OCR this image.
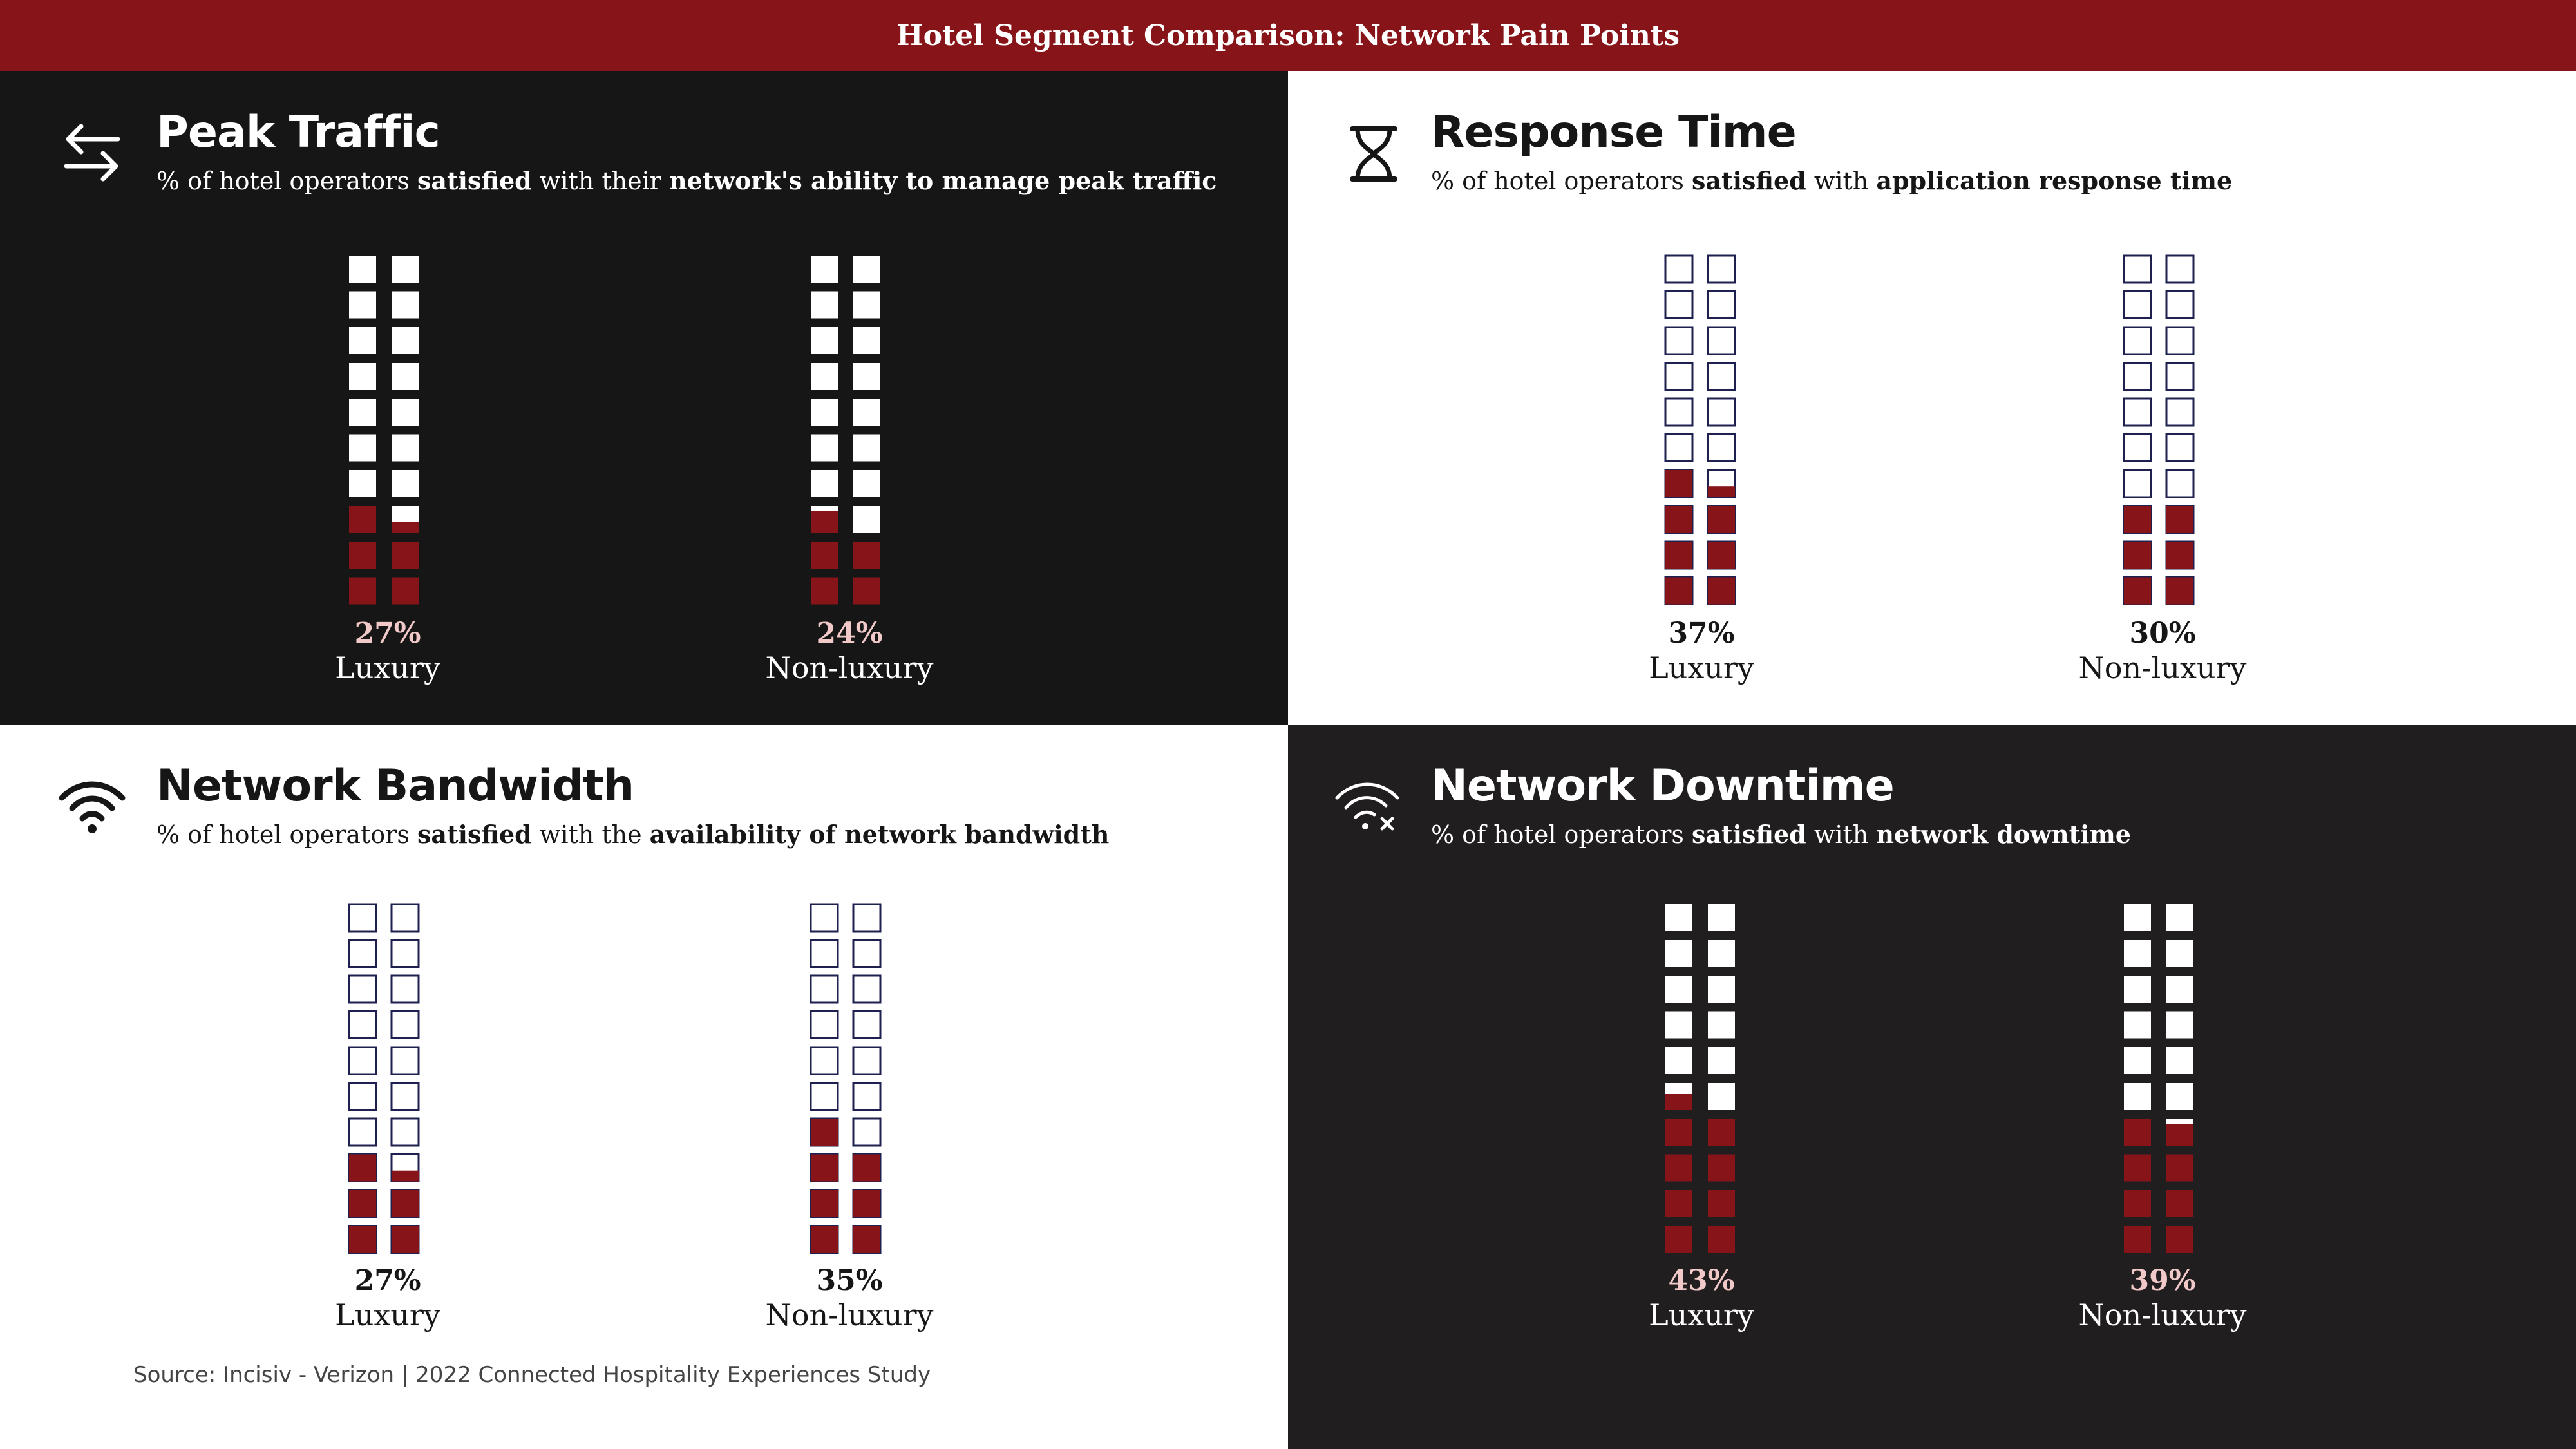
Hotel Segment Comparison: Network Pain Points
Peak Traffic
% of hotel operators satisfied with their network's ability to manage peak traffic
27%
Luxury
24%
Non-luxury
Response Time
% of hotel operators satisfied with application response time
37%
Luxury
30%
Non-luxury
Network Bandwidth
% of hotel operators satisfied with the availability of network bandwidth
27%
Luxury
35%
Non-luxury
Network Downtime
% of hotel operators satisfied with network downtime
43%
Luxury
39%
Non-luxury
Source: Incisiv - Verizon | 2022 Connected Hospitality Experiences Study
